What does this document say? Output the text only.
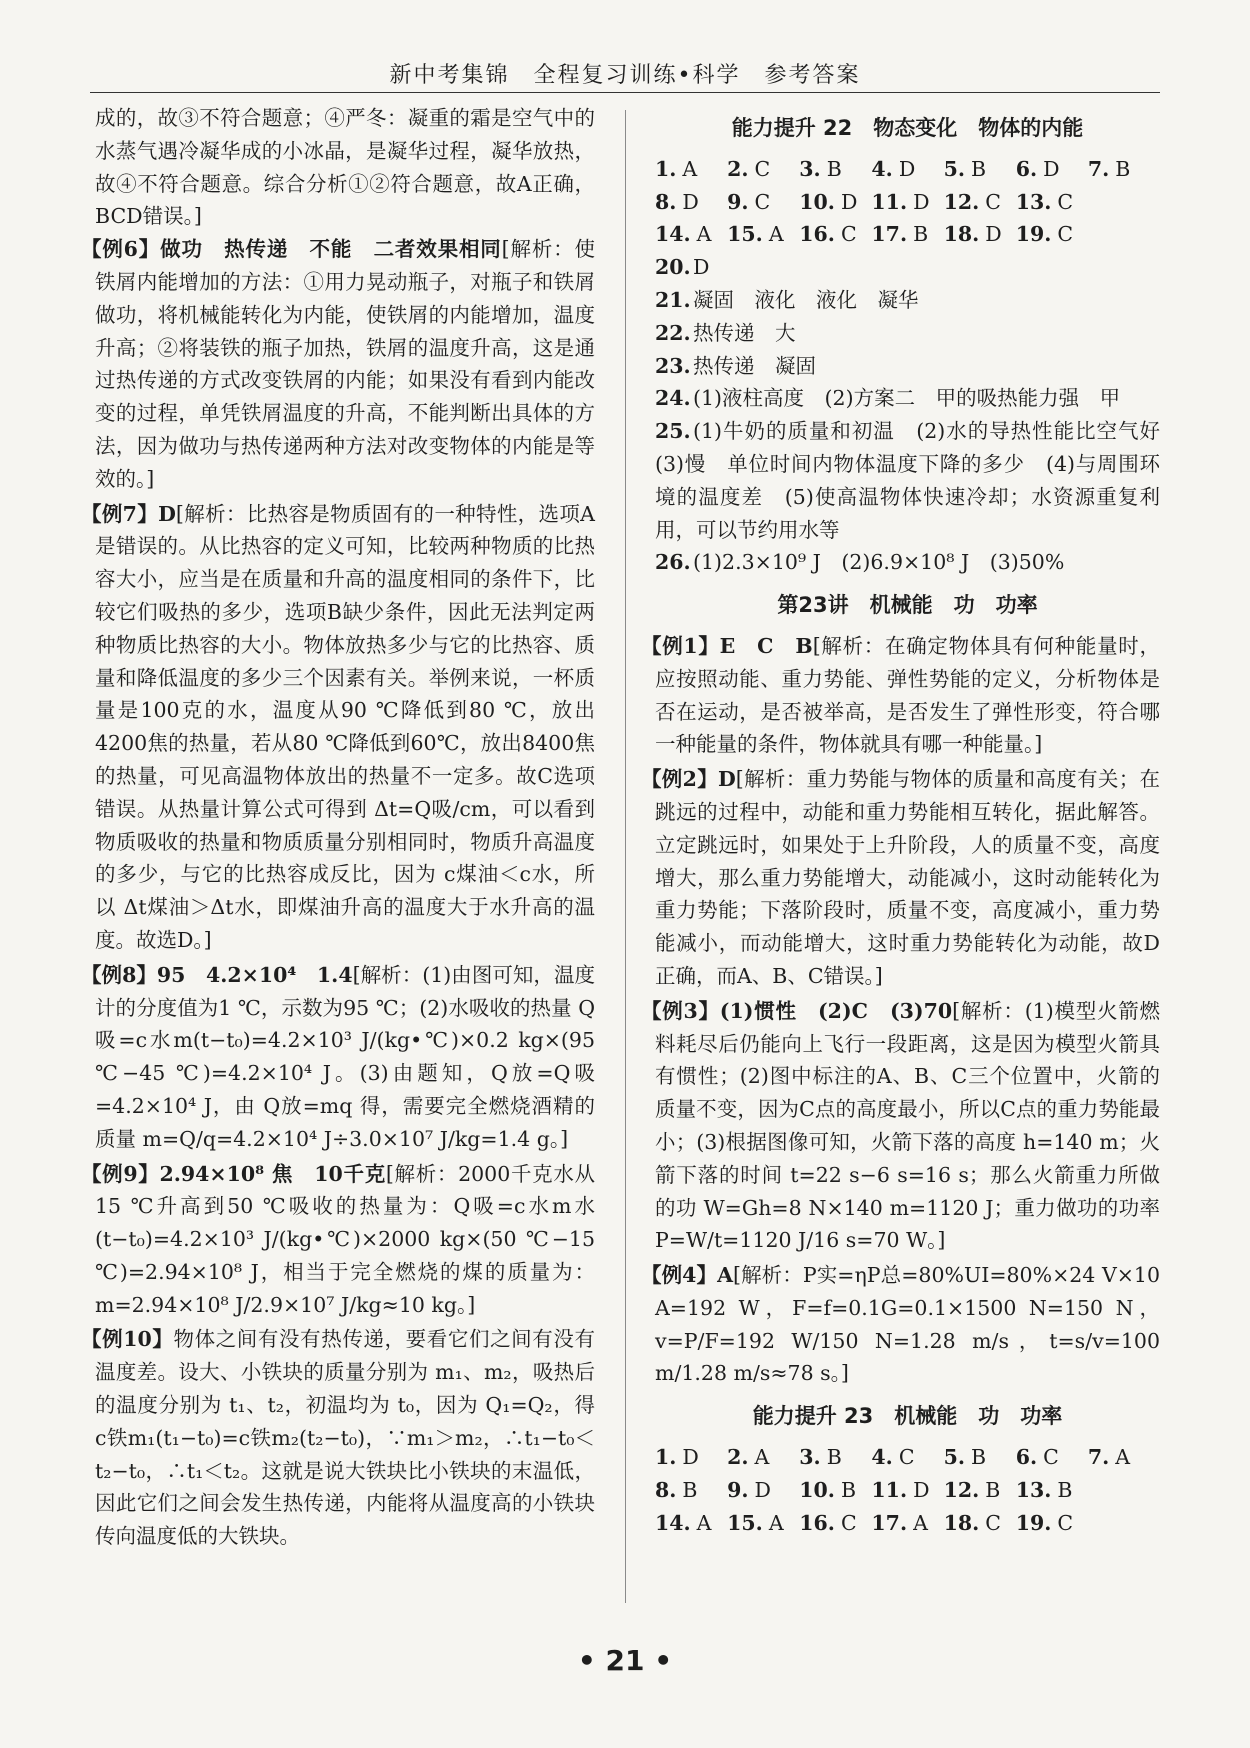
新中考集锦　全程复习训练•科学　参考答案

成的，故③不符合题意；④严冬：凝重的霜是空气中的水蒸气遇冷凝华成的小冰晶，是凝华过程，凝华放热，故④不符合题意。综合分析①②符合题意，故A正确，BCD错误。]

【例6】做功　热传递　不能　二者效果相同[解析：使铁屑内能增加的方法：①用力晃动瓶子，对瓶子和铁屑做功，将机械能转化为内能，使铁屑的内能增加，温度升高；②将装铁的瓶子加热，铁屑的温度升高，这是通过热传递的方式改变铁屑的内能；如果没有看到内能改变的过程，单凭铁屑温度的升高，不能判断出具体的方法，因为做功与热传递两种方法对改变物体的内能是等效的。]

【例7】D[解析：比热容是物质固有的一种特性，选项A是错误的。从比热容的定义可知，比较两种物质的比热容大小，应当是在质量和升高的温度相同的条件下，比较它们吸热的多少，选项B缺少条件，因此无法判定两种物质比热容的大小。物体放热多少与它的比热容、质量和降低温度的多少三个因素有关。举例来说，一杯质量是100克的水，温度从90 ℃降低到80 ℃，放出4200焦的热量，若从80 ℃降低到60℃，放出8400焦的热量，可见高温物体放出的热量不一定多。故C选项错误。从热量计算公式可得到 Δt=Q吸/cm，可以看到物质吸收的热量和物质质量分别相同时，物质升高温度的多少，与它的比热容成反比，因为 c煤油＜c水，所以 Δt煤油＞Δt水，即煤油升高的温度大于水升高的温度。故选D。]

【例8】95　4.2×10⁴　1.4[解析：(1)由图可知，温度计的分度值为1 ℃，示数为95 ℃；(2)水吸收的热量 Q吸=c水m(t−t₀)=4.2×10³ J/(kg•℃)×0.2 kg×(95 ℃−45 ℃)=4.2×10⁴ J。(3)由题知，Q放=Q吸=4.2×10⁴ J，由 Q放=mq 得，需要完全燃烧酒精的质量 m=Q/q=4.2×10⁴ J÷3.0×10⁷ J/kg=1.4 g。]

【例9】2.94×10⁸ 焦　10千克[解析：2000千克水从15 ℃升高到50 ℃吸收的热量为：Q吸=c水m水(t−t₀)=4.2×10³ J/(kg•℃)×2000 kg×(50 ℃−15 ℃)=2.94×10⁸ J，相当于完全燃烧的煤的质量为：m=2.94×10⁸ J/2.9×10⁷ J/kg≈10 kg。]

【例10】物体之间有没有热传递，要看它们之间有没有温度差。设大、小铁块的质量分别为 m₁、m₂，吸热后的温度分别为 t₁、t₂，初温均为 t₀，因为 Q₁=Q₂，得 c铁m₁(t₁−t₀)=c铁m₂(t₂−t₀)，∵m₁＞m₂，∴t₁−t₀＜t₂−t₀，∴t₁＜t₂。这就是说大铁块比小铁块的末温低，因此它们之间会发生热传递，内能将从温度高的小铁块传向温度低的大铁块。

能力提升 22　物态变化　物体的内能
1. A	2. C	3. B	4. D	5. B	6. D	7. B
8. D	9. C	10. D 11. D 12. C 13. C
14. A 15. A 16. C 17. B 18. D 19. C

20. D

21. 凝固　液化　液化　凝华

22. 热传递　大

23. 热传递　凝固

24. (1)液柱高度　(2)方案二　甲的吸热能力强　甲

25. (1)牛奶的质量和初温　(2)水的导热性能比空气好　(3)慢　单位时间内物体温度下降的多少　(4)与周围环境的温度差　(5)使高温物体快速冷却；水资源重复利用，可以节约用水等

26. (1)2.3×10⁹ J　(2)6.9×10⁸ J　(3)50%

第23讲　机械能　功　功率

【例1】E　C　B[解析：在确定物体具有何种能量时，应按照动能、重力势能、弹性势能的定义，分析物体是否在运动，是否被举高，是否发生了弹性形变，符合哪一种能量的条件，物体就具有哪一种能量。]

【例2】D[解析：重力势能与物体的质量和高度有关；在跳远的过程中，动能和重力势能相互转化，据此解答。立定跳远时，如果处于上升阶段，人的质量不变，高度增大，那么重力势能增大，动能减小，这时动能转化为重力势能；下落阶段时，质量不变，高度减小，重力势能减小，而动能增大，这时重力势能转化为动能，故D正确，而A、B、C错误。]

【例3】(1)惯性　(2)C　(3)70[解析：(1)模型火箭燃料耗尽后仍能向上飞行一段距离，这是因为模型火箭具有惯性；(2)图中标注的A、B、C三个位置中，火箭的质量不变，因为C点的高度最小，所以C点的重力势能最小；(3)根据图像可知，火箭下落的高度 h=140 m；火箭下落的时间 t=22 s−6 s=16 s；那么火箭重力所做的功 W=Gh=8 N×140 m=1120 J；重力做功的功率 P=W/t=1120 J/16 s=70 W。]

【例4】A[解析：P实=ηP总=80%UI=80%×24 V×10 A=192 W，F=f=0.1G=0.1×1500 N=150 N，v=P/F=192 W/150 N=1.28 m/s，t=s/v=100 m/1.28 m/s≈78 s。]

能力提升 23　机械能　功　功率
1. D	2. A	3. B	4. C	5. B	6. C	7. A
8. B	9. D	10. B 11. D 12. B 13. B
14. A 15. A 16. C 17. A 18. C 19. C
• 21 •
